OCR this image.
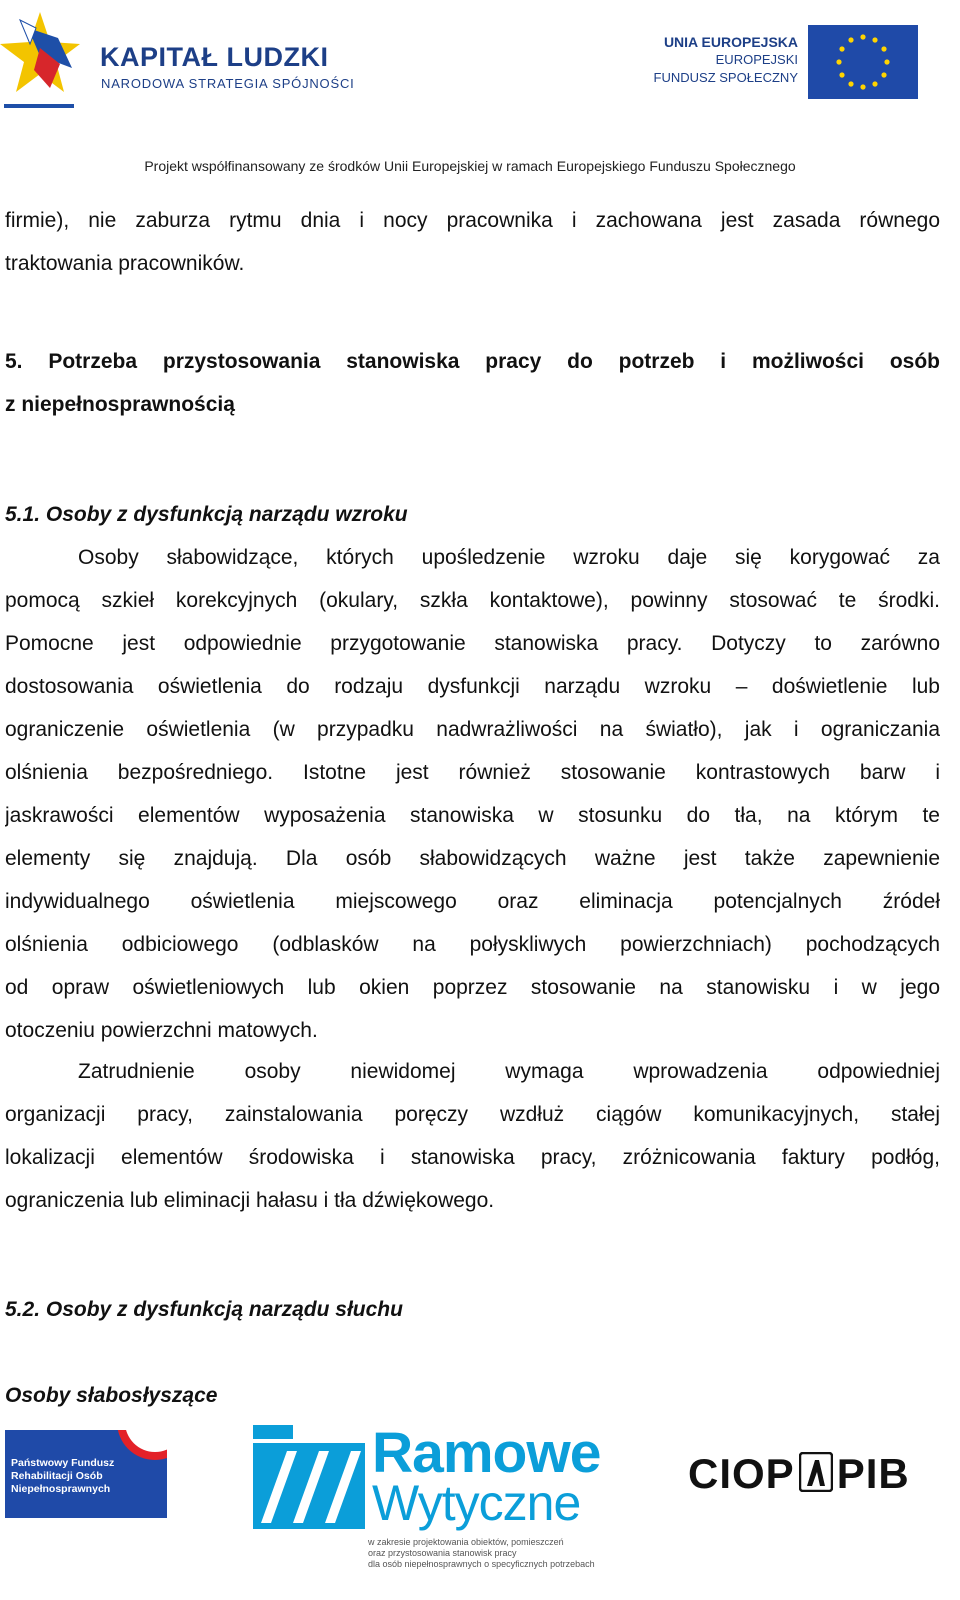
KAPITAŁ LUDZKI
NARODOWA STRATEGIA SPÓJNOŚCI
UNIA EUROPEJSKA
EUROPEJSKI
FUNDUSZ SPOŁECZNY
Projekt współfinansowany ze środków Unii Europejskiej w ramach Europejskiego Funduszu Społecznego
firmie), nie zaburza rytmu dnia i nocy pracownika i zachowana jest zasada równego
traktowania pracowników.
5. Potrzeba przystosowania stanowiska pracy do potrzeb i możliwości osób
z niepełnosprawnością
5.1. Osoby z dysfunkcją narządu wzroku
Osoby słabowidzące, których upośledzenie wzroku daje się korygować za
pomocą szkieł korekcyjnych (okulary, szkła kontaktowe), powinny stosować te środki.
Pomocne jest odpowiednie przygotowanie stanowiska pracy. Dotyczy to zarówno
dostosowania oświetlenia do rodzaju dysfunkcji narządu wzroku – doświetlenie lub
ograniczenie oświetlenia (w przypadku nadwrażliwości na światło), jak i ograniczania
olśnienia bezpośredniego. Istotne jest również stosowanie kontrastowych barw i
jaskrawości elementów wyposażenia stanowiska w stosunku do tła, na którym te
elementy się znajdują. Dla osób słabowidzących ważne jest także zapewnienie
indywidualnego oświetlenia miejscowego oraz eliminacja potencjalnych źródeł
olśnienia odbiciowego (odblasków na połyskliwych powierzchniach) pochodzących
od opraw oświetleniowych lub okien poprzez stosowanie na stanowisku i w jego
otoczeniu powierzchni matowych.
Zatrudnienie osoby niewidomej wymaga wprowadzenia odpowiedniej
organizacji pracy, zainstalowania poręczy wzdłuż ciągów komunikacyjnych, stałej
lokalizacji elementów środowiska i stanowiska pracy, zróżnicowania faktury podłóg,
ograniczenia lub eliminacji hałasu i tła dźwiękowego.
5.2. Osoby z dysfunkcją narządu słuchu
Osoby słabosłyszące
Państwowy Fundusz
Rehabilitacji Osób
Niepełnosprawnych
Ramowe
Wytyczne
w zakresie projektowania obiektów, pomieszczeń
oraz przystosowania stanowisk pracy
dla osób niepełnosprawnych o specyficznych potrzebach
CIOP PIB
